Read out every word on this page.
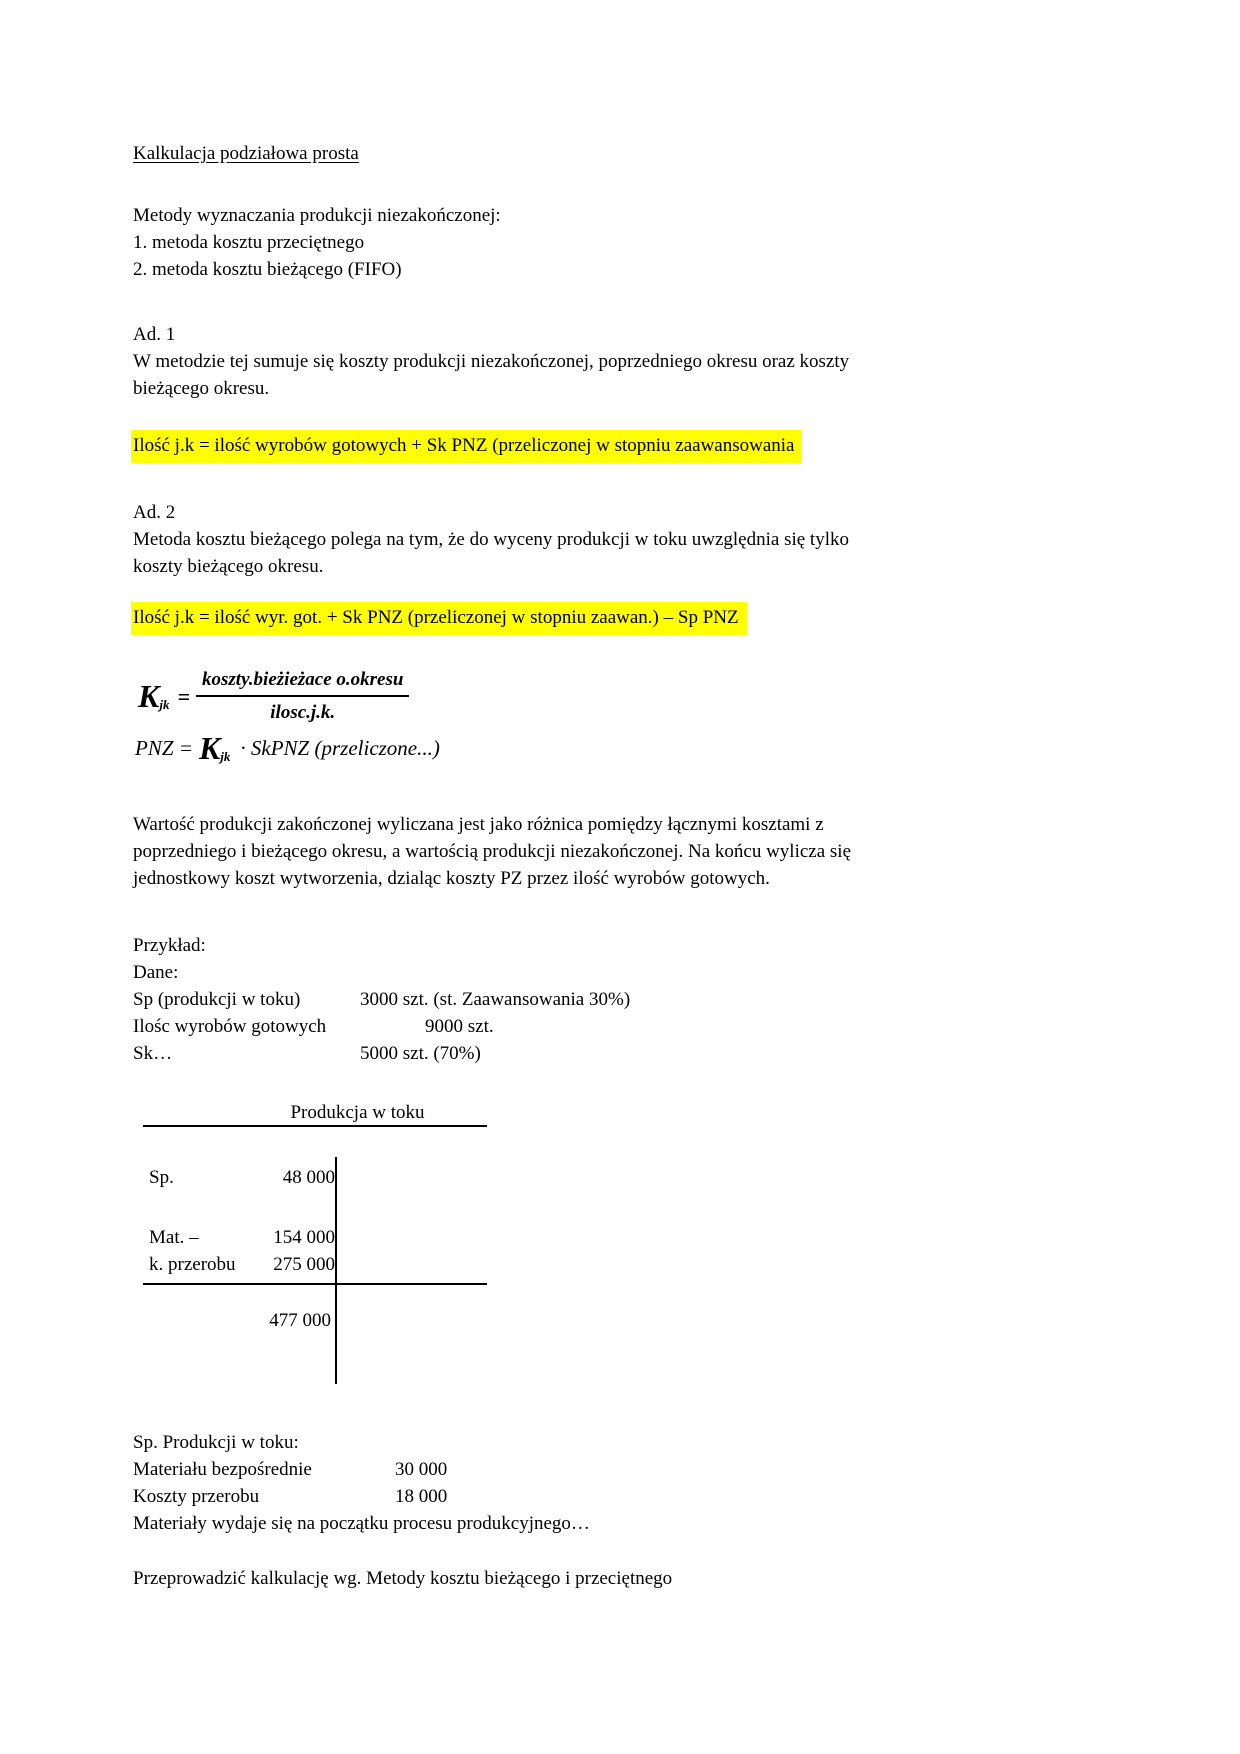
Kalkulacja podziałowa prosta
Metody wyznaczania produkcji niezakończonej:
1. metoda kosztu przeciętnego
2. metoda kosztu bieżącego (FIFO)
Ad. 1
W metodzie tej sumuje się koszty produkcji niezakończonej, poprzedniego okresu oraz koszty
bieżącego okresu.
Ilość j.k = ilość wyrobów gotowych + Sk PNZ (przeliczonej w stopniu zaawansowania
Ad. 2
Metoda kosztu bieżącego polega na tym, że do wyceny produkcji w toku uwzględnia się tylko
koszty bieżącego okresu.
Ilość j.k = ilość wyr. got. + Sk PNZ (przeliczonej w stopniu zaawan.) – Sp PNZ
K jk = $\frac{\text{koszty.bieżieżace o.okresu}}{\text{ilosc.j.k.}}$
PNZ = K jk · SkPNZ (przeliczone...)
Wartość produkcji zakończonej wyliczana jest jako różnica pomiędzy łącznymi kosztami z
poprzedniego i bieżącego okresu, a wartością produkcji niezakończonej. Na końcu wylicza się
jednostkowy koszt wytworzenia, dzialąc koszty PZ przez ilość wyrobów gotowych.
Przykład:
Dane:
Sp (produkcji w toku)	3000 szt. (st. Zaawansowania 30%)
Ilośc wyrobów gotowych	9000 szt.
Sk…	5000 szt. (70%)
Produkcja w toku
Sp.	48 000
Mat. –	154 000
k. przerobu 275 000
477 000
Sp. Produkcji w toku:
Materiału bezpośrednie	30 000
Koszty przerobu	18 000
Materiały wydaje się na początku procesu produkcyjnego…
Przeprowadzić kalkulację wg. Metody kosztu bieżącego i przeciętnego
